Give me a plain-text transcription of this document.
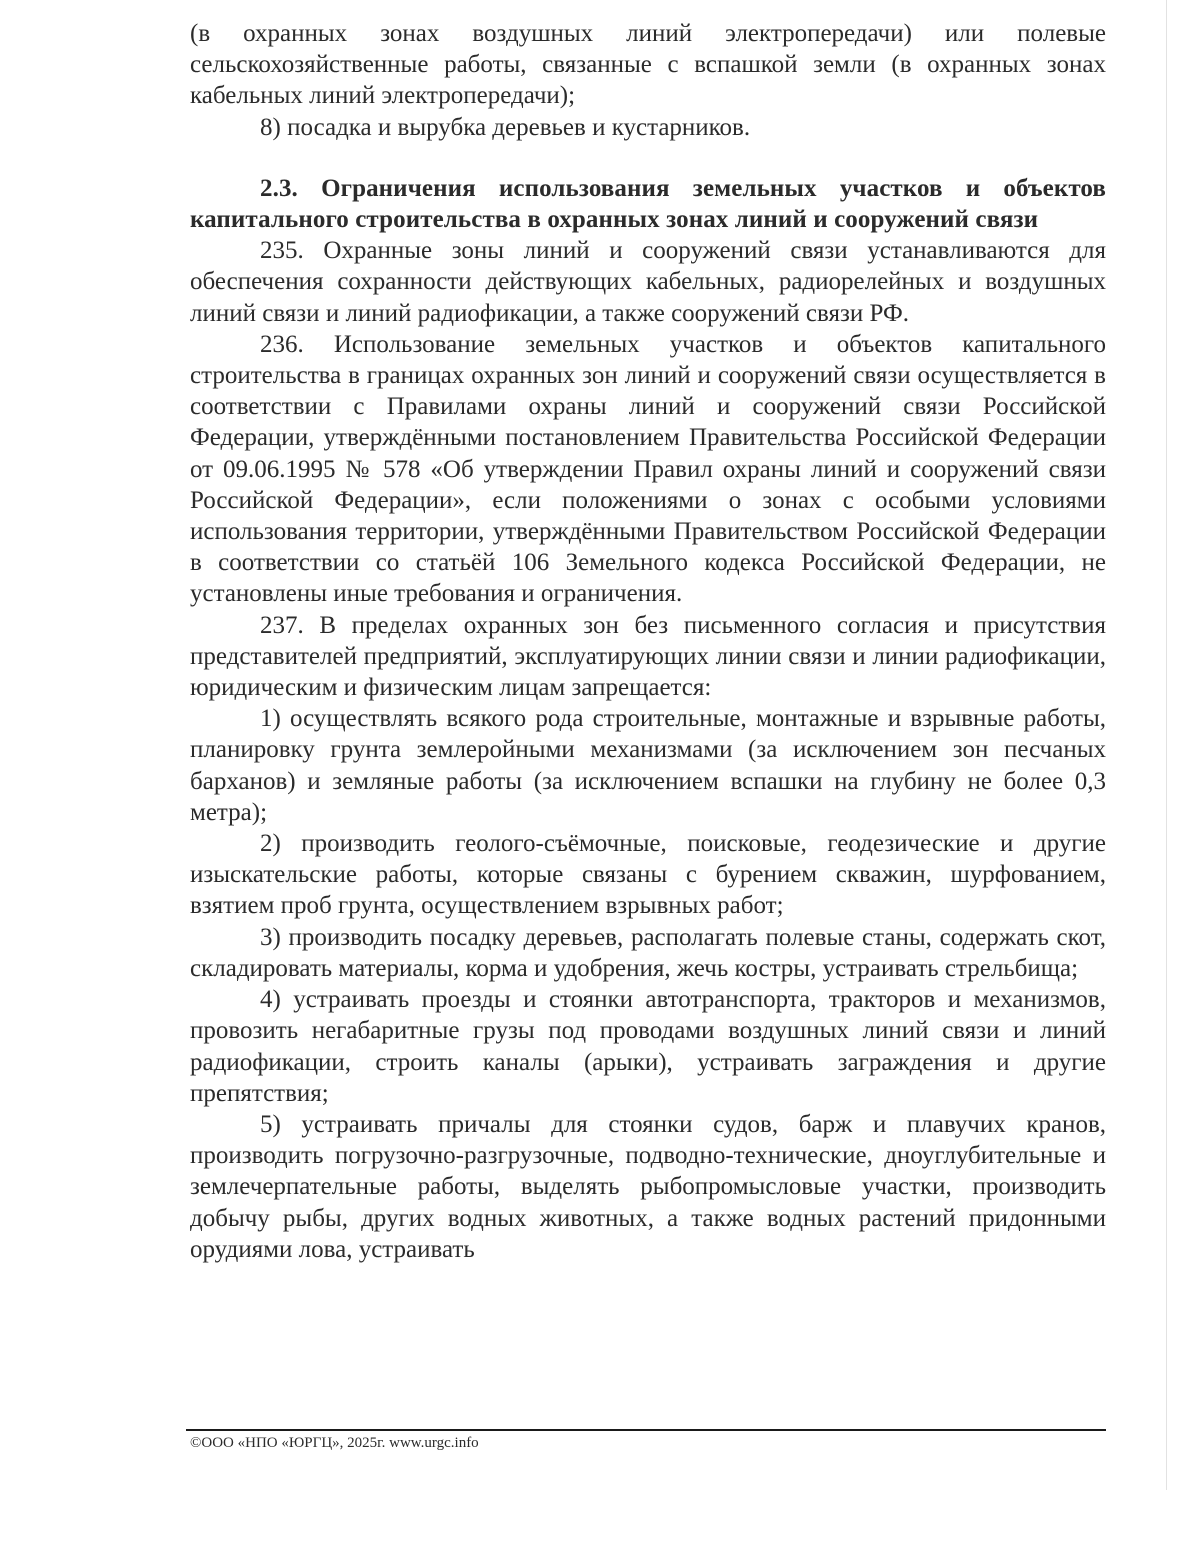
(в охранных зонах воздушных линий электропередачи) или полевые сельскохозяйственные работы, связанные с вспашкой земли (в охранных зонах кабельных линий электропередачи);

8) посадка и вырубка деревьев и кустарников.

2.3. Ограничения использования земельных участков и объектов капитального строительства в охранных зонах линий и сооружений связи

235. Охранные зоны линий и сооружений связи устанавливаются для обеспечения сохранности действующих кабельных, радиорелейных и воздушных линий связи и линий радиофикации, а также сооружений связи РФ.

236. Использование земельных участков и объектов капитального строительства в границах охранных зон линий и сооружений связи осуществляется в соответствии с Правилами охраны линий и сооружений связи Российской Федерации, утверждёнными постановлением Правительства Российской Федерации от 09.06.1995 № 578 «Об утверждении Правил охраны линий и сооружений связи Российской Федерации», если положениями о зонах с особыми условиями использования территории, утверждёнными Правительством Российской Федерации в соответствии со статьёй 106 Земельного кодекса Российской Федерации, не установлены иные требования и ограничения.

237. В пределах охранных зон без письменного согласия и присутствия представителей предприятий, эксплуатирующих линии связи и линии радиофикации, юридическим и физическим лицам запрещается:

1) осуществлять всякого рода строительные, монтажные и взрывные работы, планировку грунта землеройными механизмами (за исключением зон песчаных барханов) и земляные работы (за исключением вспашки на глубину не более 0,3 метра);

2) производить геолого-съёмочные, поисковые, геодезические и другие изыскательские работы, которые связаны с бурением скважин, шурфованием, взятием проб грунта, осуществлением взрывных работ;

3) производить посадку деревьев, располагать полевые станы, содержать скот, складировать материалы, корма и удобрения, жечь костры, устраивать стрельбища;

4) устраивать проезды и стоянки автотранспорта, тракторов и механизмов, провозить негабаритные грузы под проводами воздушных линий связи и линий радиофикации, строить каналы (арыки), устраивать заграждения и другие препятствия;

5) устраивать причалы для стоянки судов, барж и плавучих кранов, производить погрузочно-разгрузочные, подводно-технические, дноуглубительные и землечерпательные работы, выделять рыбопромысловые участки, производить добычу рыбы, других водных животных, а также водных растений придонными орудиями лова, устраивать

©ООО «НПО «ЮРГЦ», 2025г. www.urgc.info
